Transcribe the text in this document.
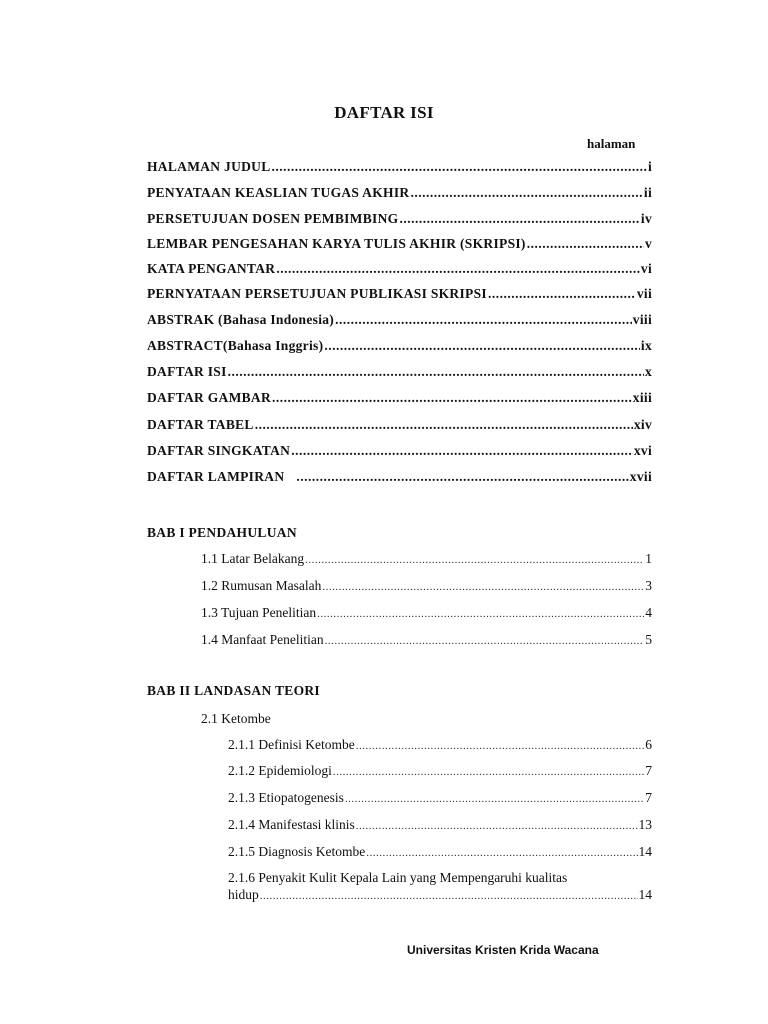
DAFTAR ISI
halaman
HALAMAN JUDUL .....	i
PENYATAAN KEASLIAN TUGAS AKHIR .....	ii
PERSETUJUAN DOSEN PEMBIMBING .....	iv
LEMBAR PENGESAHAN KARYA TULIS AKHIR (SKRIPSI) .....	v
KATA PENGANTAR .....	vi
PERNYATAAN PERSETUJUAN PUBLIKASI SKRIPSI .....	vii
ABSTRAK (Bahasa Indonesia) .....	viii
ABSTRACT(Bahasa Inggris) .....	ix
DAFTAR ISI .....	x
DAFTAR GAMBAR .....	xiii
DAFTAR TABEL .....	xiv
DAFTAR SINGKATAN .....	xvi
DAFTAR LAMPIRAN .....	xvii
BAB I PENDAHULUAN
1.1 Latar Belakang .....	1
1.2 Rumusan Masalah .....	3
1.3 Tujuan Penelitian .....	4
1.4 Manfaat Penelitian .....	5
BAB II LANDASAN TEORI
2.1 Ketombe
2.1.1 Definisi Ketombe .....	6
2.1.2 Epidemiologi .....	7
2.1.3 Etiopatogenesis .....	7
2.1.4 Manifestasi klinis .....	13
2.1.5 Diagnosis Ketombe .....	14
2.1.6 Penyakit Kulit Kepala Lain yang Mempengaruhi kualitas
hidup .....	14
Universitas Kristen Krida Wacana
